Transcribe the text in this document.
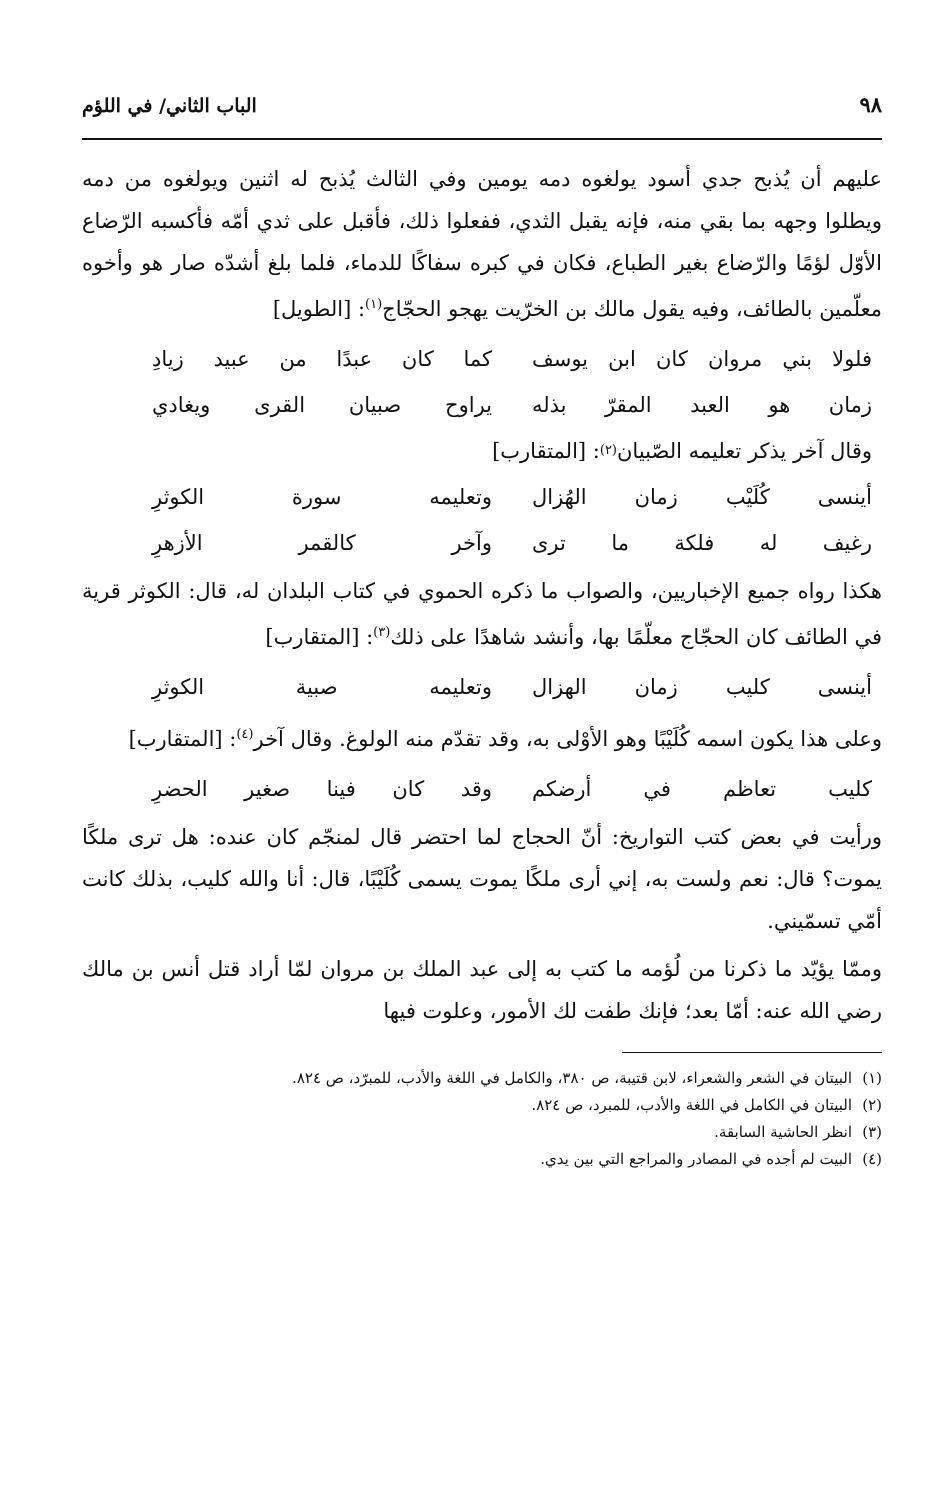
٩٨
الباب الثاني/ في اللؤم

عليهم أن يُذبح جدي أسود يولغوه دمه يومين وفي الثالث يُذبح له اثنين ويولغوه من دمه ويطلوا وجهه بما بقي منه، فإنه يقبل الثدي، ففعلوا ذلك، فأقبل على ثدي أمّه فأكسبه الرّضاع الأوّل لؤمًا والرّضاع بغير الطباع، فكان في كبره سفاكًا للدماء، فلما بلغ أشدّه صار هو وأخوه معلّمين بالطائف، وفيه يقول مالك بن الخرّيت يهجو الحجّاج$^{(١)}$: [الطويل]

فلولا بني مروان كان ابن يوسف
كما كان عبدًا من عبيد زيادِ
زمان هو العبد المقرّ بذله
يراوح صبيان القرى ويغادي
وقال آخر يذكر تعليمه الصّبيان
(٢)
: [المتقارب]
أينسى كُلَيْب زمان الهُزال
وتعليمه سورة الكوثرِ
رغيف له فلكة ما ترى
وآخر كالقمر الأزهرِ

هكذا رواه جميع الإخباريين، والصواب ما ذكره الحموي في كتاب البلدان له، قال: الكوثر قرية في الطائف كان الحجّاج معلّمًا بها، وأنشد شاهدًا على ذلك$^{(٣)}$: [المتقارب]

أينسى كليب زمان الهزال
وتعليمه صبية الكوثرِ

وعلى هذا يكون اسمه كُلَيْبًا وهو الأوْلى به، وقد تقدّم منه الولوغ. وقال آخر$^{(٤)}$: [المتقارب]

كليب تعاظم في أرضكم
وقد كان فينا صغير الحضرِ

ورأيت في بعض كتب التواريخ: أنّ الحجاج لما احتضر قال لمنجّم كان عنده: هل ترى ملكًا يموت؟ قال: نعم ولست به، إني أرى ملكًا يموت يسمى كُلَيْبًا، قال: أنا والله كليب، بذلك كانت أمّي تسمّيني.

وممّا يؤيّد ما ذكرنا من لُؤمه ما كتب به إلى عبد الملك بن مروان لمّا أراد قتل أنس بن مالك رضي الله عنه: أمّا بعد؛ فإنك طفت لك الأمور، وعلوت فيها

(١)
البيتان في الشعر والشعراء، لابن قتيبة، ص ٣٨٠، والكامل في اللغة والأدب، للمبرّد، ص ٨٢٤.
(٢)
البيتان في الكامل في اللغة والأدب، للمبرد، ص ٨٢٤.
(٣)
انظر الحاشية السابقة.
(٤)
البيت لم أجده في المصادر والمراجع التي بين يدي.
